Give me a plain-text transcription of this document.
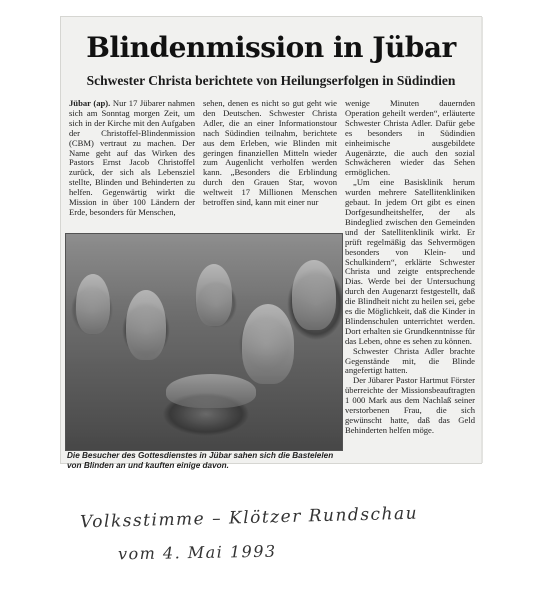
Blindenmission in Jübar
Schwester Christa berichtete von Heilungserfolgen in Südindien

Jübar (ap). Nur 17 Jübarer nahmen sich am Sonntag morgen Zeit, um sich in der Kirche mit den Aufgaben der Christoffel-Blindenmission (CBM) vertraut zu machen. Der Name geht auf das Wirken des Pastors Ernst Jacob Christoffel zurück, der sich als Lebensziel stellte, Blinden und Behinderten zu helfen. Gegenwärtig wirkt die Mission in über 100 Ländern der Erde, besonders für Menschen,

sehen, denen es nicht so gut geht wie den Deutschen. Schwester Christa Adler, die an einer Informationstour nach Südindien teilnahm, berichtete aus dem Erleben, wie Blinden mit geringen finanziellen Mitteln wieder zum Augenlicht verholfen werden kann. „Besonders die Erblindung durch den Grauen Star, wovon weltweit 17 Millionen Menschen betroffen sind, kann mit einer nur

wenige Minuten dauernden Operation geheilt werden“, erläuterte Schwester Christa Adler. Dafür gebe es besonders in Südindien einheimische ausgebildete Augenärzte, die auch den sozial Schwächeren wieder das Sehen ermöglichen.

„Um eine Basisklinik herum wurden mehrere Satellitenkliniken gebaut. In jedem Ort gibt es einen Dorfgesundheitshelfer, der als Bindeglied zwischen den Gemeinden und der Satellitenklinik wirkt. Er prüft regelmäßig das Sehvermögen besonders von Klein- und Schulkindern“, erklärte Schwester Christa und zeigte entsprechende Dias. Werde bei der Untersuchung durch den Augenarzt festgestellt, daß die Blindheit nicht zu heilen sei, gebe es die Möglichkeit, daß die Kinder in Blindenschulen unterrichtet werden. Dort erhalten sie Grundkenntnisse für das Leben, ohne es sehen zu können.

Schwester Christa Adler brachte Gegenstände mit, die Blinde angefertigt hatten.

Der Jübarer Pastor Hartmut Förster überreichte der Missionsbeauftragten 1 000 Mark aus dem Nachlaß seiner verstorbenen Frau, die sich gewünscht hatte, daß das Geld Behinderten helfen möge.

Die Besucher des Gottesdienstes in Jübar sahen sich die Bastelelen von Blinden an und kauften einige davon.
Volksstimme – Klötzer Rundschau
vom 4. Mai 1993
